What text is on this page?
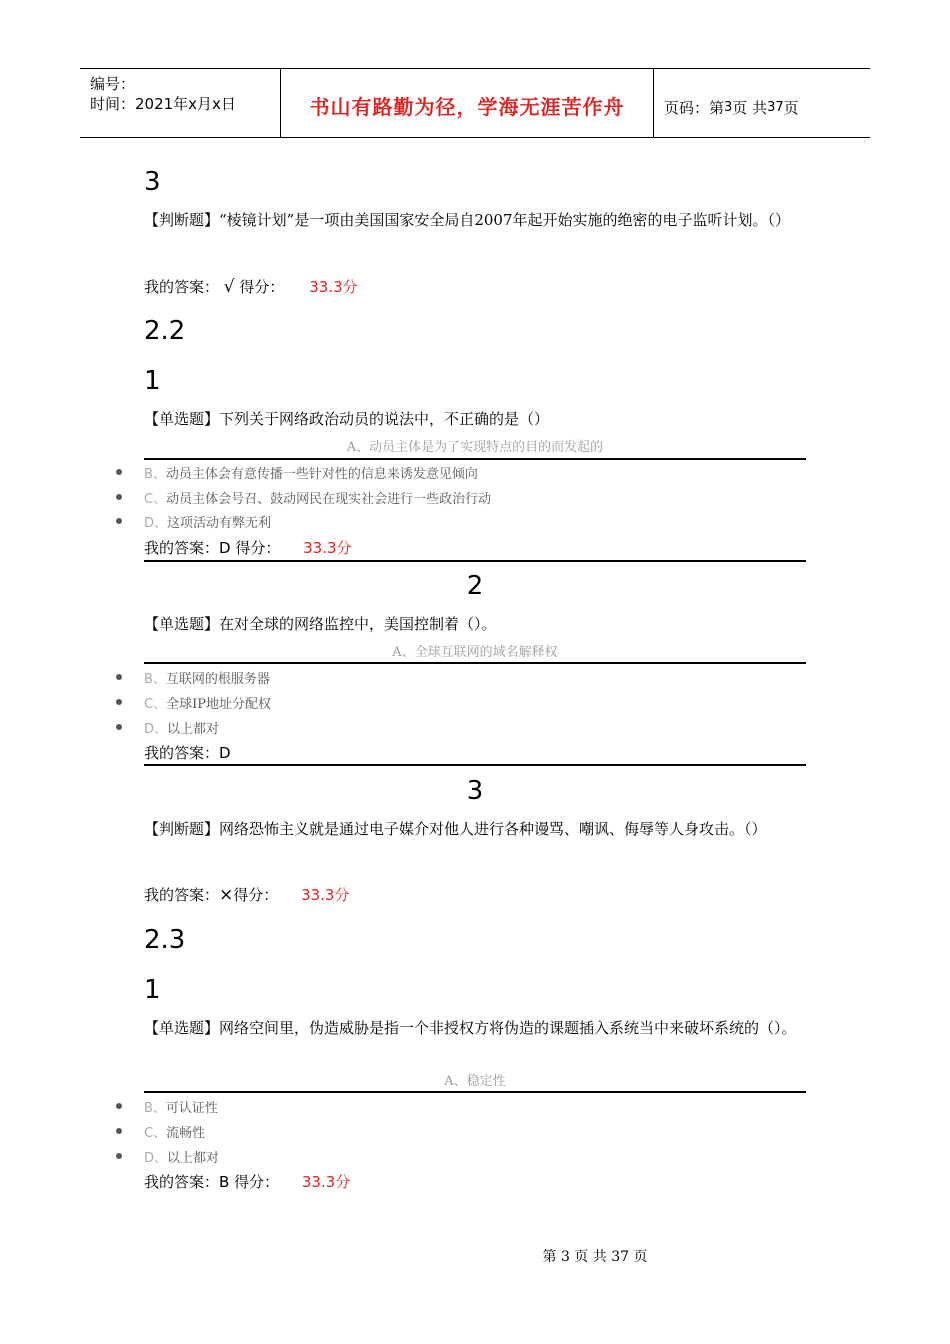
编号：
时间：2021年x月x日	书山有路勤为径，学海无涯苦作舟	页码：第 3 页 共 37 页
3
【判断题】“棱镜计划”是一项由美国国家安全局自2007年起开始实施的绝密的电子监听计划。（）
我的答案： √ 得分： 33.3分
2.2
1
【单选题】下列关于网络政治动员的说法中，不正确的是（）
A、动员主体是为了实现特点的目的而发起的
B、动员主体会有意传播一些针对性的信息来诱发意见倾向
C、动员主体会号召、鼓动网民在现实社会进行一些政治行动
D、这项活动有弊无利
我的答案：D 得分： 33.3分
2
【单选题】在对全球的网络监控中，美国控制着（）。
A、全球互联网的域名解释权
B、互联网的根服务器
C、全球IP地址分配权
D、以上都对
我的答案：D
3
【判断题】网络恐怖主义就是通过电子媒介对他人进行各种谩骂、嘲讽、侮辱等人身攻击。（）
我的答案：×得分： 33.3分
2.3
1
【单选题】网络空间里，伪造威胁是指一个非授权方将伪造的课题插入系统当中来破坏系统的（）。
A、稳定性
B、可认证性
C、流畅性
D、以上都对
我的答案：B 得分： 33.3分
第 3 页 共 37 页
